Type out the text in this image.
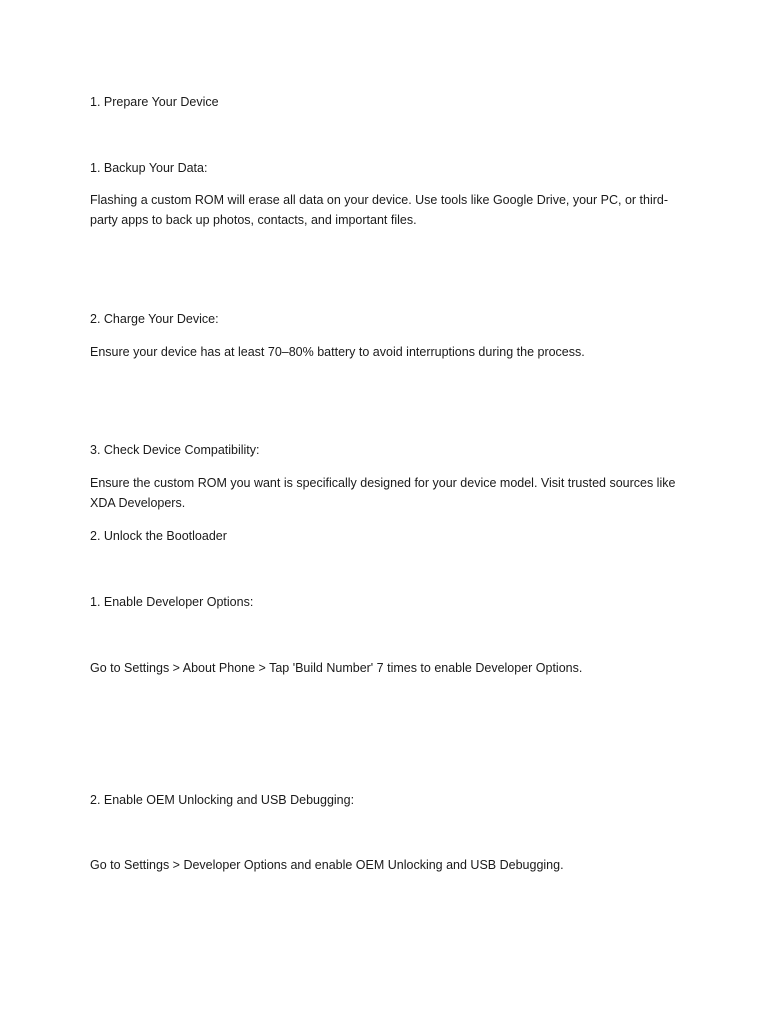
1. Prepare Your Device
1. Backup Your Data:
Flashing a custom ROM will erase all data on your device. Use tools like Google Drive, your PC, or third-party apps to back up photos, contacts, and important files.
2. Charge Your Device:
Ensure your device has at least 70–80% battery to avoid interruptions during the process.
3. Check Device Compatibility:
Ensure the custom ROM you want is specifically designed for your device model. Visit trusted sources like XDA Developers.
2. Unlock the Bootloader
1. Enable Developer Options:
Go to Settings > About Phone > Tap 'Build Number' 7 times to enable Developer Options.
2. Enable OEM Unlocking and USB Debugging:
Go to Settings > Developer Options and enable OEM Unlocking and USB Debugging.
